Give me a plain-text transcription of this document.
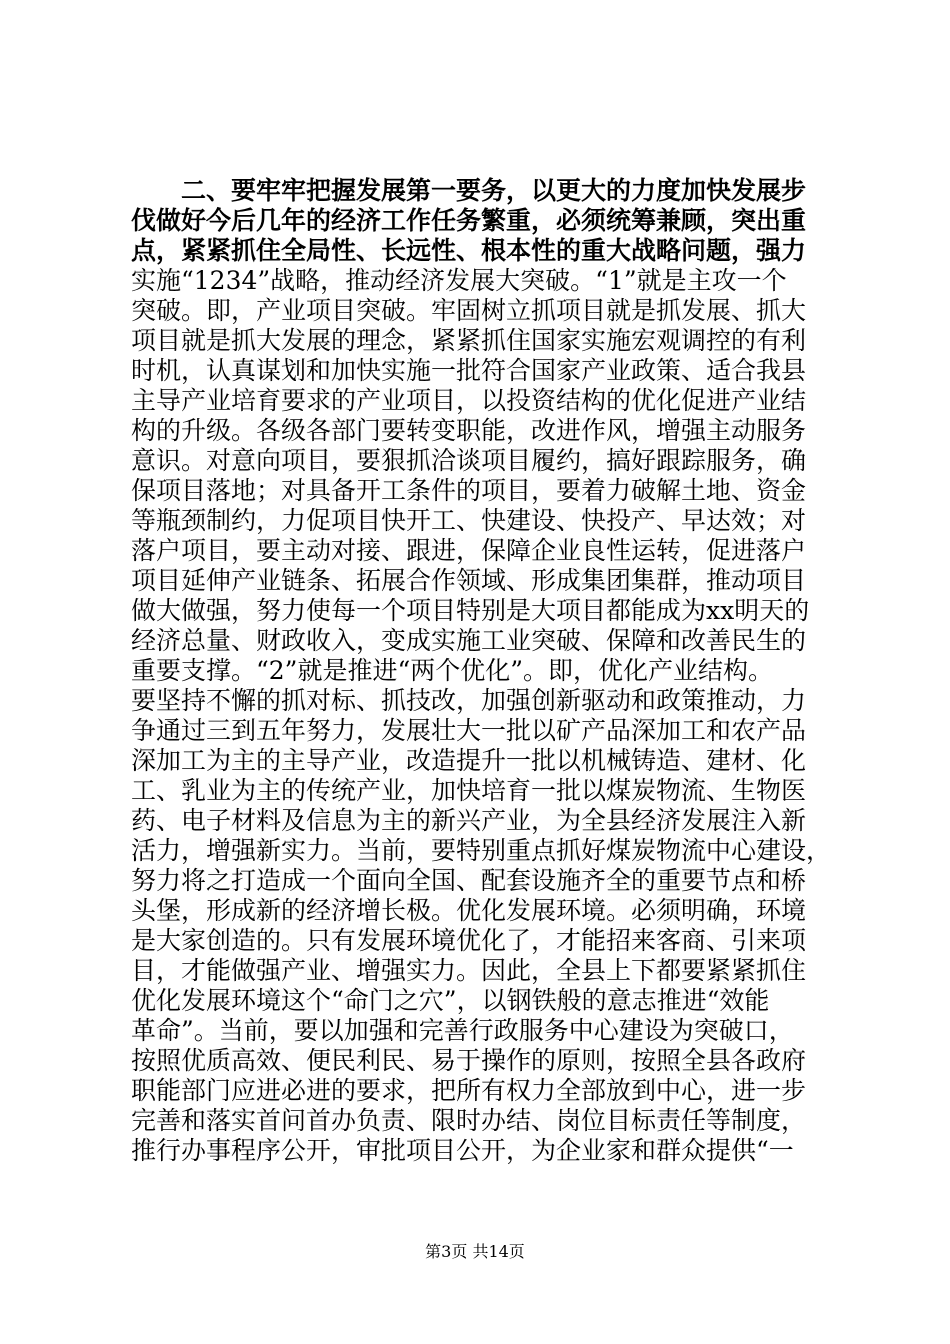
　　二、要牢牢把握发展第一要务，以更大的力度加快发展步

伐做好今后几年的经济工作任务繁重，必须统筹兼顾，突出重

点，紧紧抓住全局性、长远性、根本性的重大战略问题，强力

实施“1234”战略，推动经济发展大突破。“1”就是主攻一个

突破。即，产业项目突破。牢固树立抓项目就是抓发展、抓大

项目就是抓大发展的理念，紧紧抓住国家实施宏观调控的有利

时机，认真谋划和加快实施一批符合国家产业政策、适合我县

主导产业培育要求的产业项目，以投资结构的优化促进产业结

构的升级。各级各部门要转变职能，改进作风，增强主动服务

意识。对意向项目，要狠抓洽谈项目履约，搞好跟踪服务，确

保项目落地；对具备开工条件的项目，要着力破解土地、资金

等瓶颈制约，力促项目快开工、快建设、快投产、早达效；对

落户项目，要主动对接、跟进，保障企业良性运转，促进落户

项目延伸产业链条、拓展合作领域、形成集团集群，推动项目

做大做强，努力使每一个项目特别是大项目都能成为xx明天的

经济总量、财政收入，变成实施工业突破、保障和改善民生的

重要支撑。“2”就是推进“两个优化”。即，优化产业结构。

要坚持不懈的抓对标、抓技改，加强创新驱动和政策推动，力

争通过三到五年努力，发展壮大一批以矿产品深加工和农产品

深加工为主的主导产业，改造提升一批以机械铸造、建材、化

工、乳业为主的传统产业，加快培育一批以煤炭物流、生物医

药、电子材料及信息为主的新兴产业，为全县经济发展注入新

活力，增强新实力。当前，要特别重点抓好煤炭物流中心建设，

努力将之打造成一个面向全国、配套设施齐全的重要节点和桥

头堡，形成新的经济增长极。优化发展环境。必须明确，环境

是大家创造的。只有发展环境优化了，才能招来客商、引来项

目，才能做强产业、增强实力。因此，全县上下都要紧紧抓住

优化发展环境这个“命门之穴”，以钢铁般的意志推进“效能

革命”。当前，要以加强和完善行政服务中心建设为突破口，

按照优质高效、便民利民、易于操作的原则，按照全县各政府

职能部门应进必进的要求，把所有权力全部放到中心，进一步

完善和落实首问首办负责、限时办结、岗位目标责任等制度，

推行办事程序公开，审批项目公开，为企业家和群众提供“一

第3页 共14页
